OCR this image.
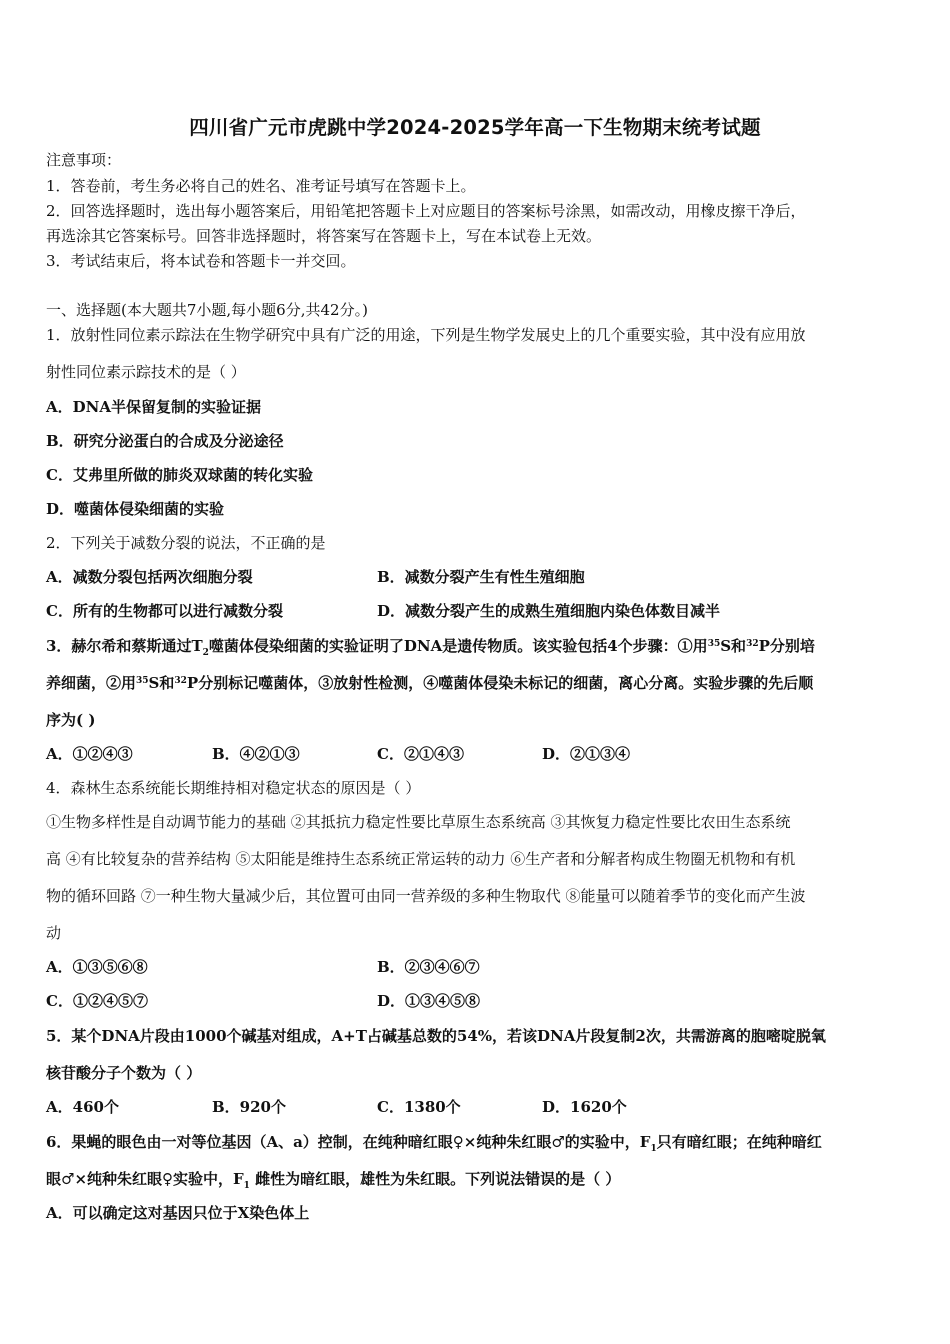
四川省广元市虎跳中学2024-2025学年高一下生物期末统考试题
注意事项：
1．答卷前，考生务必将自己的姓名、准考证号填写在答题卡上。
2．回答选择题时，选出每小题答案后，用铅笔把答题卡上对应题目的答案标号涂黑，如需改动，用橡皮擦干净后，
再选涂其它答案标号。回答非选择题时，将答案写在答题卡上，写在本试卷上无效。
3．考试结束后，将本试卷和答题卡一并交回。
一、选择题(本大题共7小题,每小题6分,共42分。)
1．放射性同位素示踪法在生物学研究中具有广泛的用途，下列是生物学发展史上的几个重要实验，其中没有应用放
射性同位素示踪技术的是（ ）
A．DNA半保留复制的实验证据
B．研究分泌蛋白的合成及分泌途径
C．艾弗里所做的肺炎双球菌的转化实验
D．噬菌体侵染细菌的实验
2．下列关于减数分裂的说法，不正确的是
A．减数分裂包括两次细胞分裂	B．减数分裂产生有性生殖细胞
C．所有的生物都可以进行减数分裂	D．减数分裂产生的成熟生殖细胞内染色体数目减半
3．赫尔希和蔡斯通过$T_2$噬菌体侵染细菌的实验证明了DNA是遗传物质。该实验包括4个步骤：①用$^{35}$S和$^{32}$P分别培
养细菌，②用$^{35}$S和$^{32}$P分别标记噬菌体，③放射性检测，④噬菌体侵染未标记的细菌，离心分离。实验步骤的先后顺
序为( )
A．①②④③	B．④②①③	C．②①④③	D．②①③④
4．森林生态系统能长期维持相对稳定状态的原因是（ ）
①生物多样性是自动调节能力的基础 ②其抵抗力稳定性要比草原生态系统高 ③其恢复力稳定性要比农田生态系统
高 ④有比较复杂的营养结构 ⑤太阳能是维持生态系统正常运转的动力 ⑥生产者和分解者构成生物圈无机物和有机
物的循环回路 ⑦一种生物大量减少后，其位置可由同一营养级的多种生物取代 ⑧能量可以随着季节的变化而产生波
动
A．①③⑤⑥⑧	B．②③④⑥⑦
C．①②④⑤⑦	D．①③④⑤⑧
5．某个DNA片段由1000个碱基对组成，A+T占碱基总数的54%，若该DNA片段复制2次，共需游离的胞嘧啶脱氧
核苷酸分子个数为（ ）
A．460个	B．920个	C．1380个	D．1620个
6．果蝇的眼色由一对等位基因（A、a）控制，在纯种暗红眼♀×纯种朱红眼♂的实验中，$F_1$只有暗红眼；在纯种暗红
眼♂×纯种朱红眼♀实验中，$F_1$ 雌性为暗红眼，雄性为朱红眼。下列说法错误的是（ ）
A．可以确定这对基因只位于X染色体上
